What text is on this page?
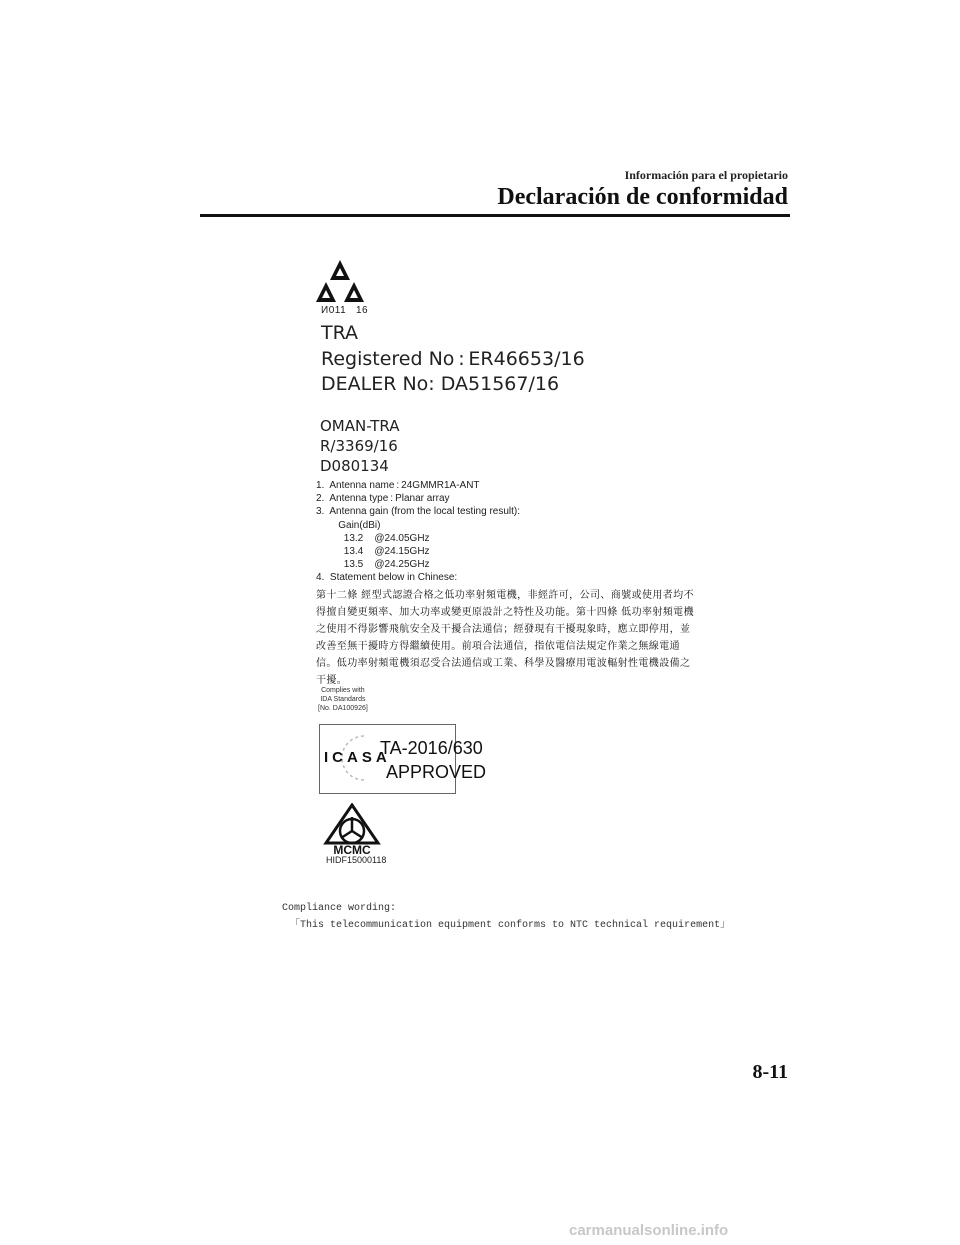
Información para el propietario
Declaración de conformidad
И011   16
TRA
Registered No : ER46653/16
DEALER No: DA51567/16
OMAN-TRA
R/3369/16
D080134
1.  Antenna name : 24GMMR1A-ANT
2.  Antenna type : Planar array
3.  Antenna gain (from the local testing result):
Gain(dBi)
13.2    @24.05GHz
13.4    @24.15GHz
13.5    @24.25GHz
4.  Statement below in Chinese:
第十二條 經型式認證合格之低功率射頻電機，非經許可，公司、商號或使用者均不得擅自變更頻率、加大功率或變更原設計之特性及功能。第十四條 低功率射頻電機之使用不得影響飛航安全及干擾合法通信；經發現有干擾現象時，應立即停用，並改善至無干擾時方得繼續使用。前項合法通信，指依電信法規定作業之無線電通信。低功率射頻電機須忍受合法通信或工業、科學及醫療用電波輻射性電機設備之干擾。
Complies with
IDA Standards
[No. DA100926]
ICASA
TA-2016/630
APPROVED
MCMC
HIDF15000118
Compliance wording:
「This telecommunication equipment conforms to NTC technical requirement」
8-11
carmanualsonline.info
